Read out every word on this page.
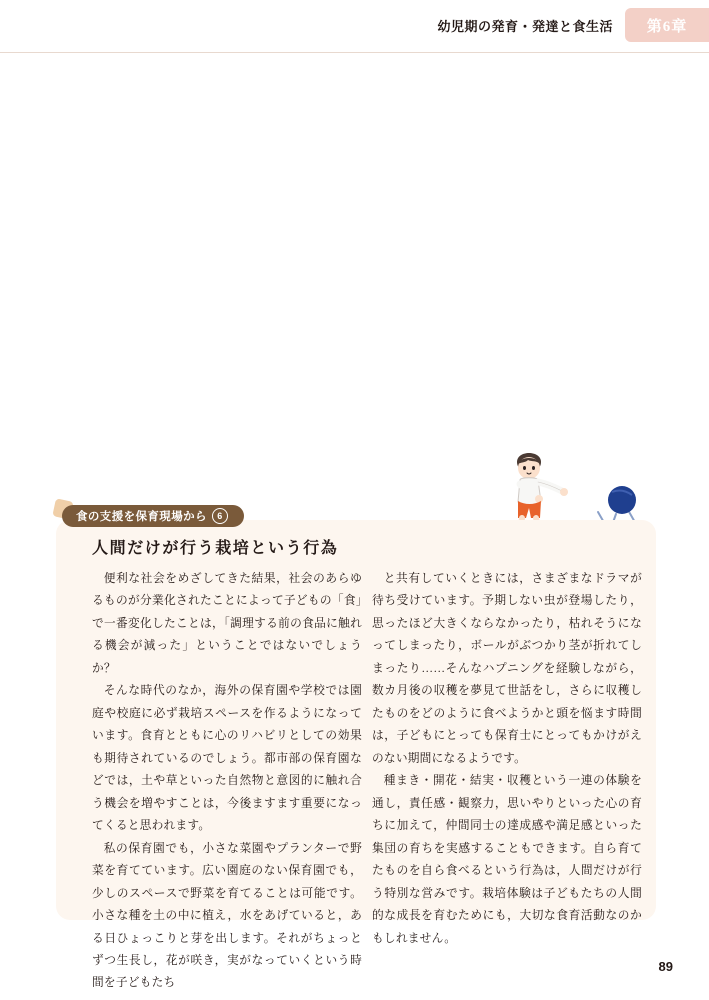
幼児期の発育・発達と食生活	第6章
食の支援を保育現場から	6
人間だけが行う栽培という行為

便利な社会をめざしてきた結果，社会のあらゆるものが分業化されたことによって子どもの「食」で一番変化したことは，「調理する前の食品に触れる機会が減った」ということではないでしょうか？

そんな時代のなか，海外の保育園や学校では園庭や校庭に必ず栽培スペースを作るようになっています。食育とともに心のリハビリとしての効果も期待されているのでしょう。都市部の保育園などでは，土や草といった自然物と意図的に触れ合う機会を増やすことは，今後ますます重要になってくると思われます。

私の保育園でも，小さな菜園やプランターで野菜を育てています。広い園庭のない保育園でも，少しのスペースで野菜を育てることは可能です。小さな種を土の中に植え，水をあげていると，ある日ひょっこりと芽を出します。それがちょっとずつ生長し，花が咲き，実がなっていくという時間を子どもたち

と共有していくときには，さまざまなドラマが待ち受けています。予期しない虫が登場したり，思ったほど大きくならなかったり，枯れそうになってしまったり，ボールがぶつかり茎が折れてしまったり……そんなハプニングを経験しながら，数カ月後の収穫を夢見て世話をし，さらに収穫したものをどのように食べようかと頭を悩ます時間は，子どもにとっても保育士にとってもかけがえのない期間になるようです。

種まき・開花・結実・収穫という一連の体験を通し，責任感・観察力，思いやりといった心の育ちに加えて，仲間同士の達成感や満足感といった集団の育ちを実感することもできます。自ら育てたものを自ら食べるという行為は，人間だけが行う特別な営みです。栽培体験は子どもたちの人間的な成長を育むためにも，大切な食育活動なのかもしれません。

89
